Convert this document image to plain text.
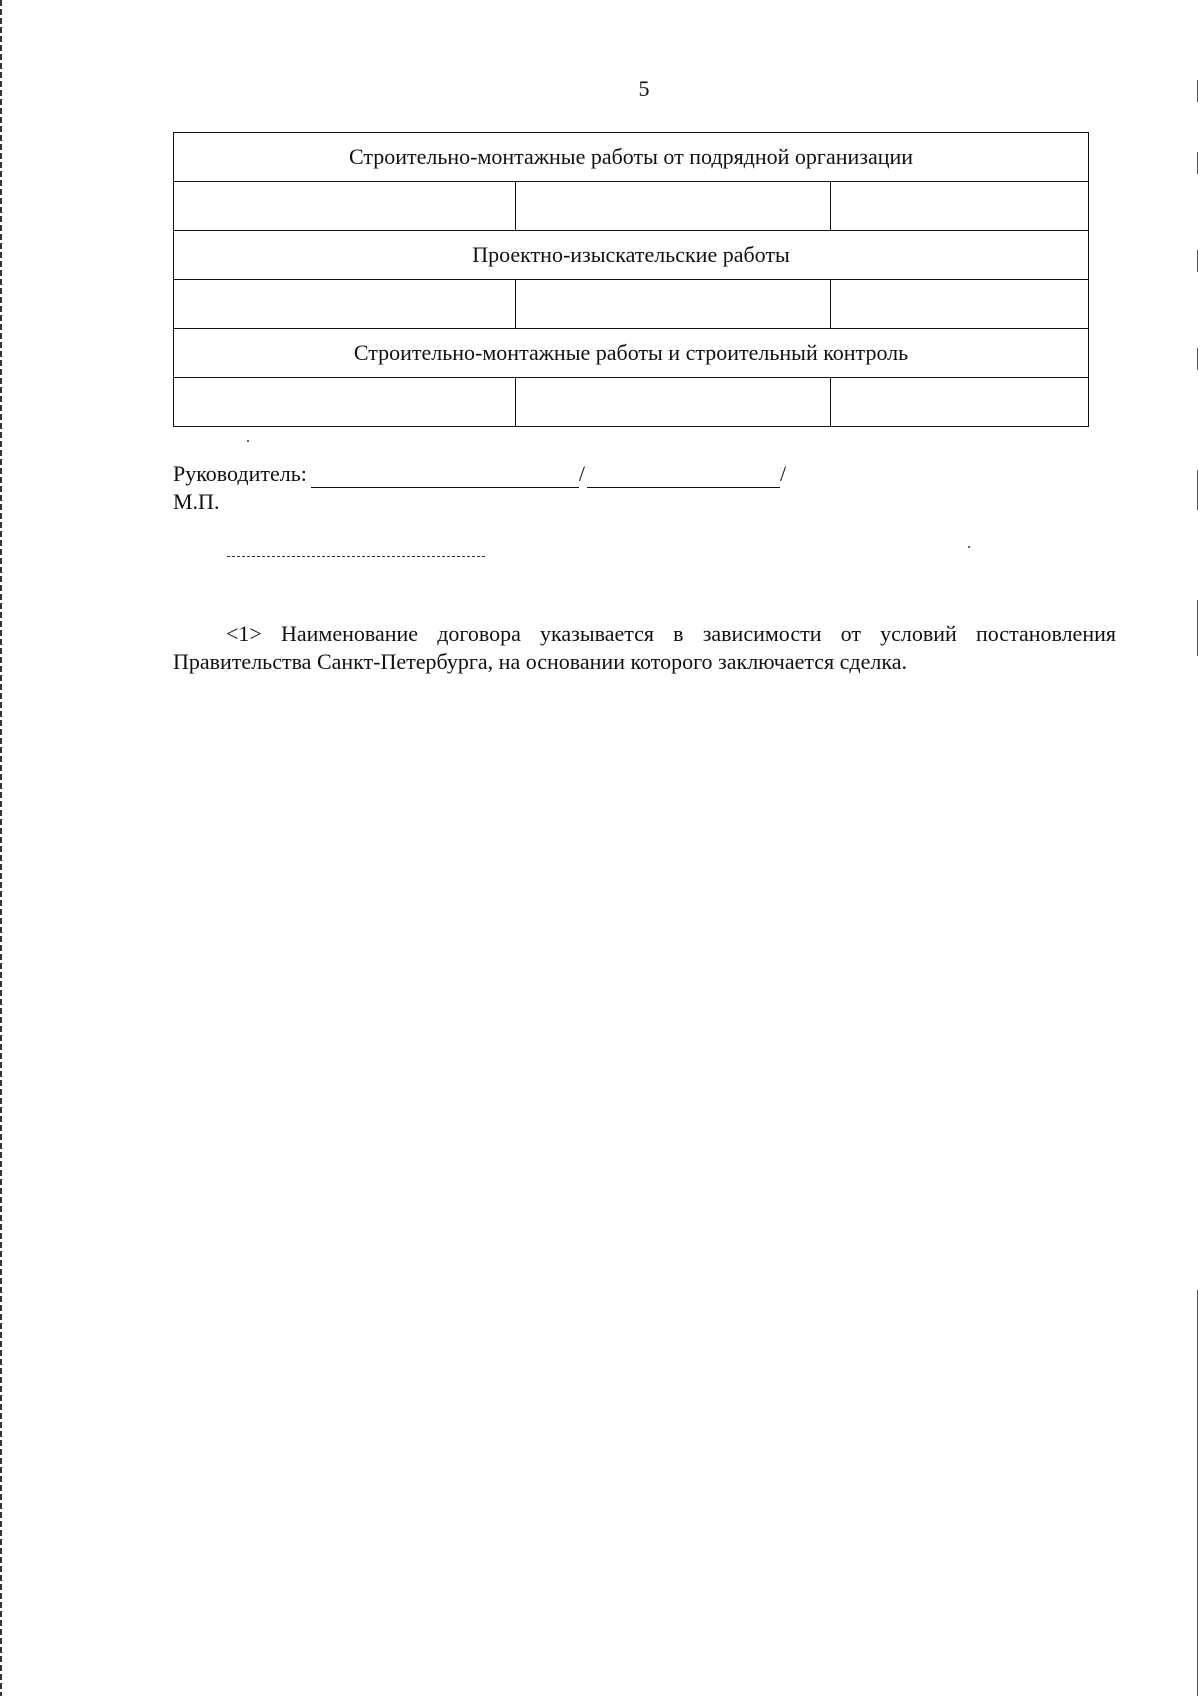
5
Строительно-монтажные работы от подрядной организации		

Проектно-изыскательские работы		

Строительно-монтажные работы и строительный контроль		

Руководитель:	/	/
М.П.

<1> Наименование договора указывается в зависимости от условий постановления Правительства Санкт-Петербурга, на основании которого заключается сделка.
